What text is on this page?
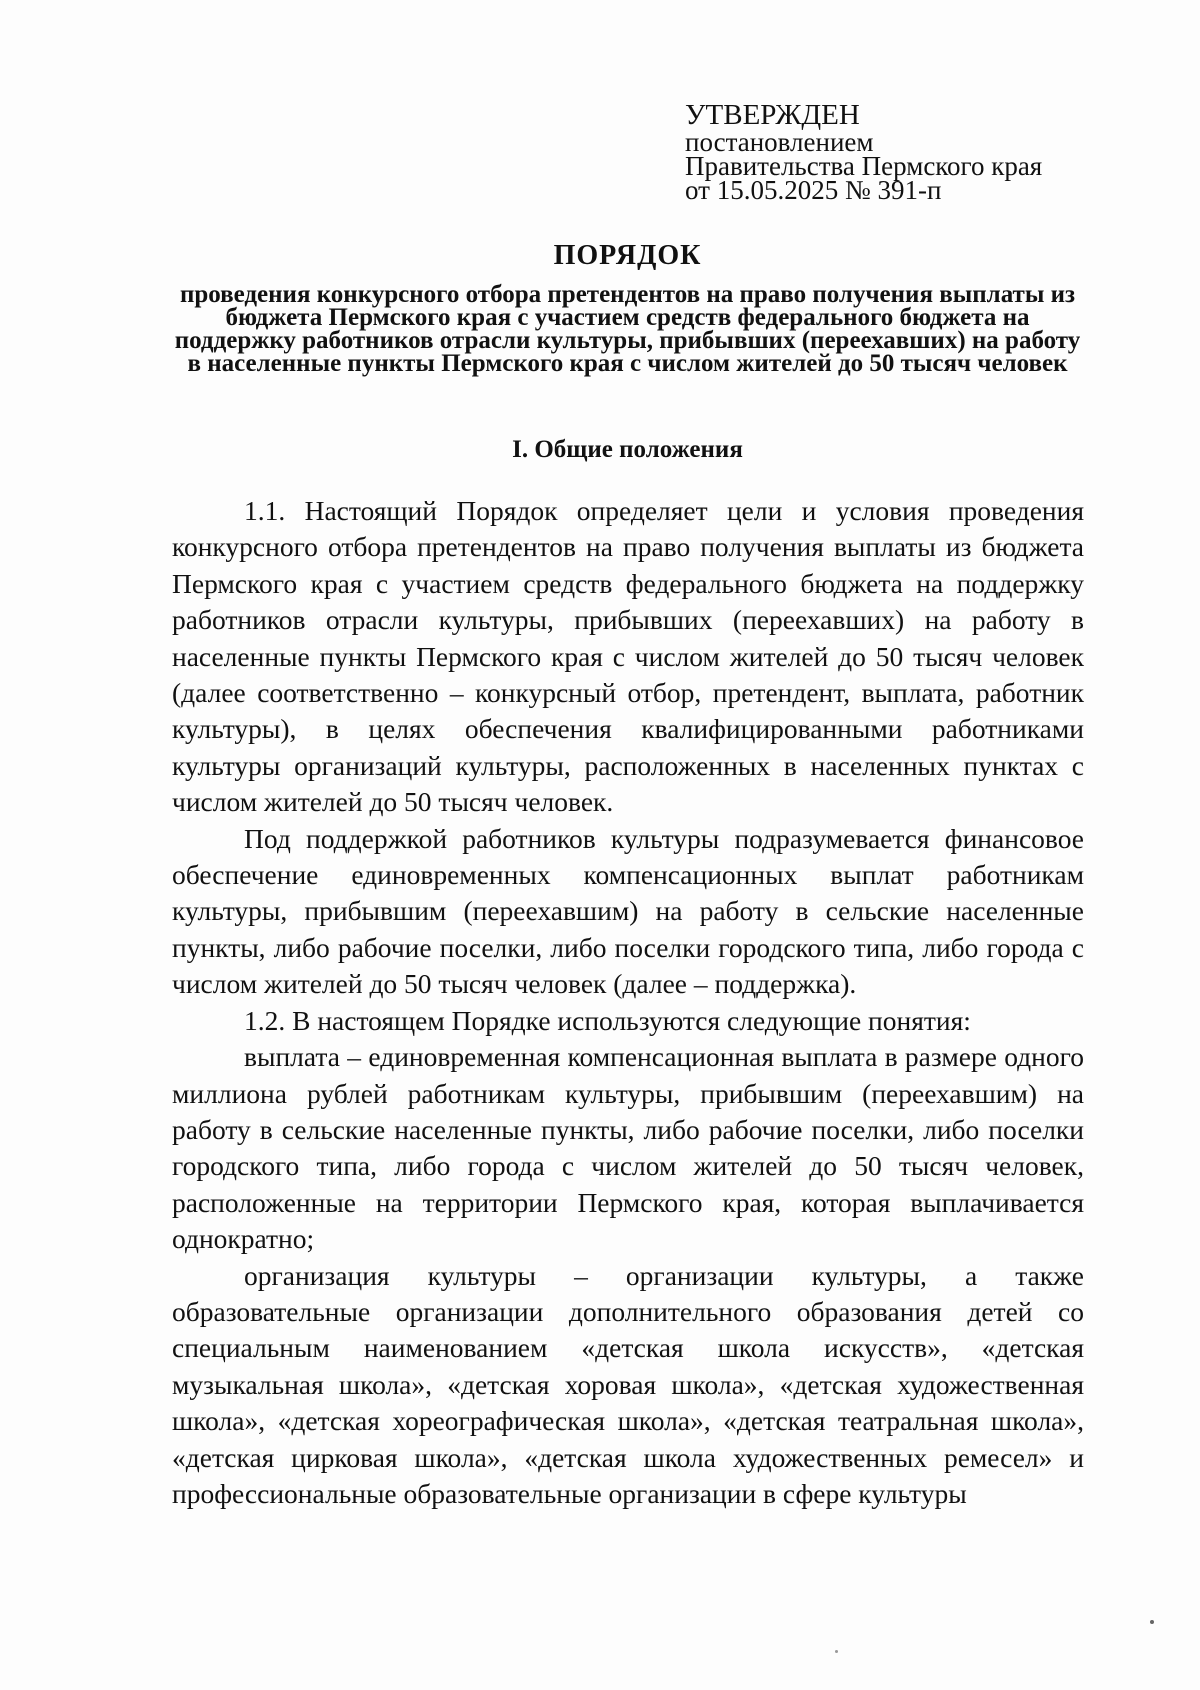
УТВЕРЖДЕН
постановлением
Правительства Пермского края
от 15.05.2025 № 391-п
ПОРЯДОК
проведения конкурсного отбора претендентов на право получения выплаты из бюджета Пермского края с участием средств федерального бюджета на поддержку работников отрасли культуры, прибывших (переехавших) на работу в населенные пункты Пермского края с числом жителей до 50 тысяч человек
I. Общие положения

1.1. Настоящий Порядок определяет цели и условия проведения конкурсного отбора претендентов на право получения выплаты из бюджета Пермского края с участием средств федерального бюджета на поддержку работников отрасли культуры, прибывших (переехавших) на работу в населенные пункты Пермского края с числом жителей до 50 тысяч человек (далее соответственно – конкурсный отбор, претендент, выплата, работник культуры), в целях обеспечения квалифицированными работниками культуры организаций культуры, расположенных в населенных пунктах с числом жителей до 50 тысяч человек.

Под поддержкой работников культуры подразумевается финансовое обеспечение единовременных компенсационных выплат работникам культуры, прибывшим (переехавшим) на работу в сельские населенные пункты, либо рабочие поселки, либо поселки городского типа, либо города с числом жителей до 50 тысяч человек (далее – поддержка).

1.2. В настоящем Порядке используются следующие понятия:

выплата – единовременная компенсационная выплата в размере одного миллиона рублей работникам культуры, прибывшим (переехавшим) на работу в сельские населенные пункты, либо рабочие поселки, либо поселки городского типа, либо города с числом жителей до 50 тысяч человек, расположенные на территории Пермского края, которая выплачивается однократно;

организация культуры – организации культуры, а также образовательные организации дополнительного образования детей со специальным наименованием «детская школа искусств», «детская музыкальная школа», «детская хоровая школа», «детская художественная школа», «детская хореографическая школа», «детская театральная школа», «детская цирковая школа», «детская школа художественных ремесел» и профессиональные образовательные организации в сфере культуры
